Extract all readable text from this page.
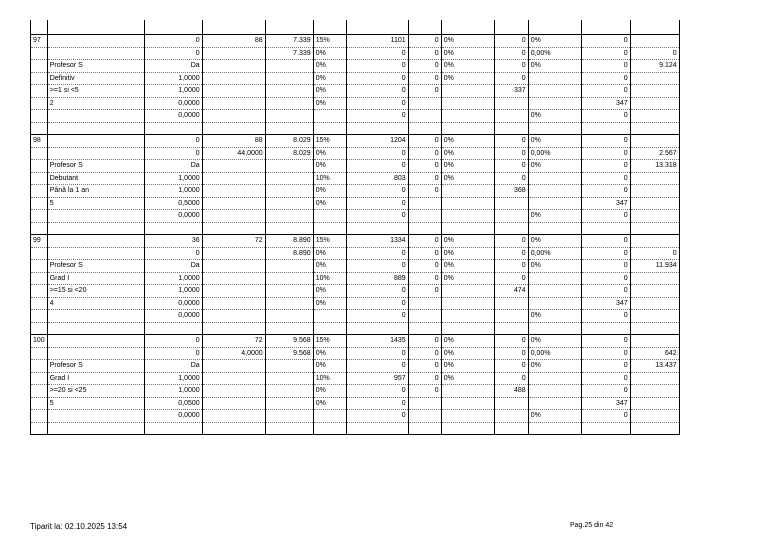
97		0	88	7.339	15%	1101	0	0%	0	0%	0	
		0		7.339	0%	0	0	0%	0	0,00%	0	0
	Profesor S	Da			0%	0	0	0%	0	0%	0	9.124
	Definitiv	1,0000			0%	0	0	0%	0		0	
	>=1 si <5	1,0000			0%	0	0		337		0	
	2	0,0000			0%	0					347	
		0,0000				0				0%	0	

98		0	88	8.029	15%	1204	0	0%	0	0%	0	
		0	44,0000	8.029	0%	0	0	0%	0	0,00%	0	2.567
	Profesor S	Da			0%	0	0	0%	0	0%	0	13.318
	Debutant	1,0000			10%	803	0	0%	0		0	
	Până la 1 an	1,0000			0%	0	0		368		0	
	5	0,5000			0%	0					347	
		0,0000				0				0%	0	

99		36	72	8.890	15%	1334	0	0%	0	0%	0	
		0		8.890	0%	0	0	0%	0	0,00%	0	0
	Profesor S	Da			0%	0	0	0%	0	0%	0	11.934
	Grad I	1,0000			10%	889	0	0%	0		0	
	>=15 si <20	1,0000			0%	0	0		474		0	
	4	0,0000			0%	0					347	
		0,0000				0				0%	0	

100		0	72	9.568	15%	1435	0	0%	0	0%	0	
		0	4,0000	9.568	0%	0	0	0%	0	0,00%	0	642
	Profesor S	Da			0%	0	0	0%	0	0%	0	13.437
	Grad I	1,0000			10%	957	0	0%	0		0	
	>=20 si <25	1,0000			0%	0	0		488		0	
	5	0,0500			0%	0					347	
		0,0000				0				0%	0	

Tiparit la: 02.10.2025 13:54	Pag.25 din 42
